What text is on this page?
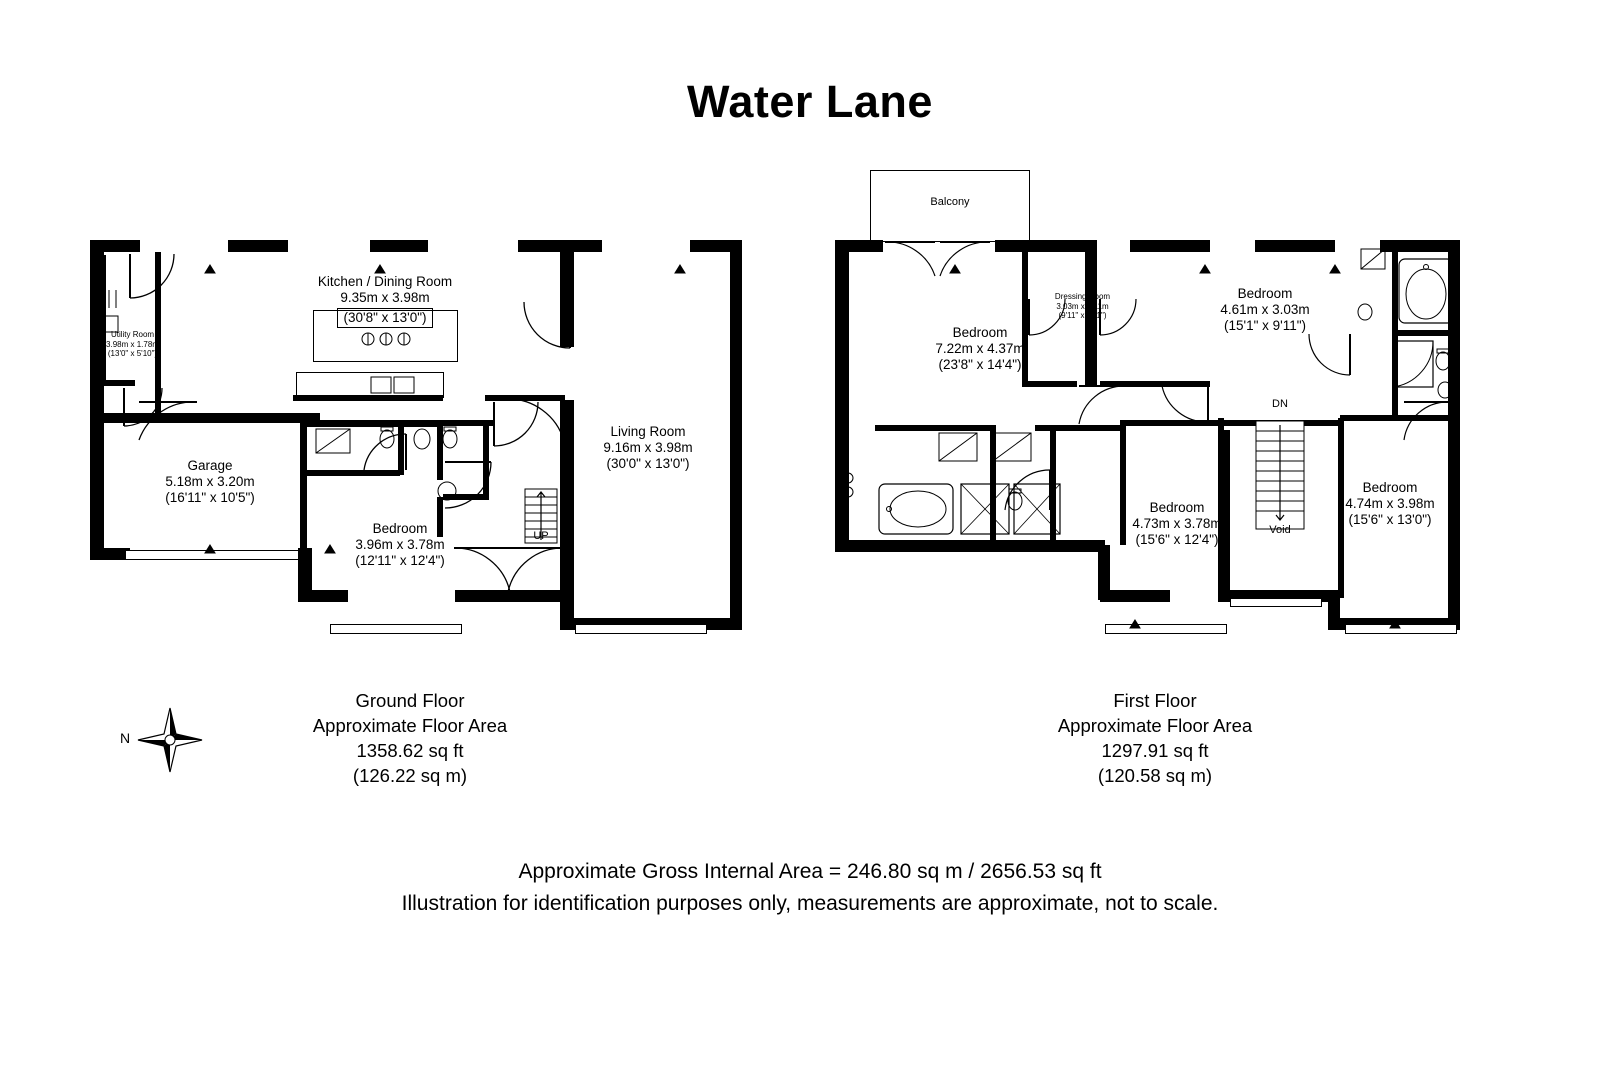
Water Lane
UP
Kitchen / Dining Room
9.35m x 3.98m
(30'8" x 13'0")
Utility Room
3.98m x 1.78m
(13'0" x 5'10")
Garage
5.18m x 3.20m
(16'11" x 10'5")
Bedroom
3.96m x 3.78m
(12'11" x 12'4")
Living Room
9.16m x 3.98m
(30'0" x 13'0")
Balcony
DN
Void
Bedroom
7.22m x 4.37m
(23'8" x 14'4")
Dressing Room
3.03m x 2.11m
(9'11" x 6'11")
Bedroom
4.61m x 3.03m
(15'1" x 9'11")
Bedroom
4.73m x 3.78m
(15'6" x 12'4")
Bedroom
4.74m x 3.98m
(15'6" x 13'0")
N
Ground Floor
Approximate Floor Area
1358.62 sq ft
(126.22 sq m)
First Floor
Approximate Floor Area
1297.91 sq ft
(120.58 sq m)
Approximate Gross Internal Area = 246.80 sq m / 2656.53 sq ft
Illustration for identification purposes only, measurements are approximate, not to scale.
